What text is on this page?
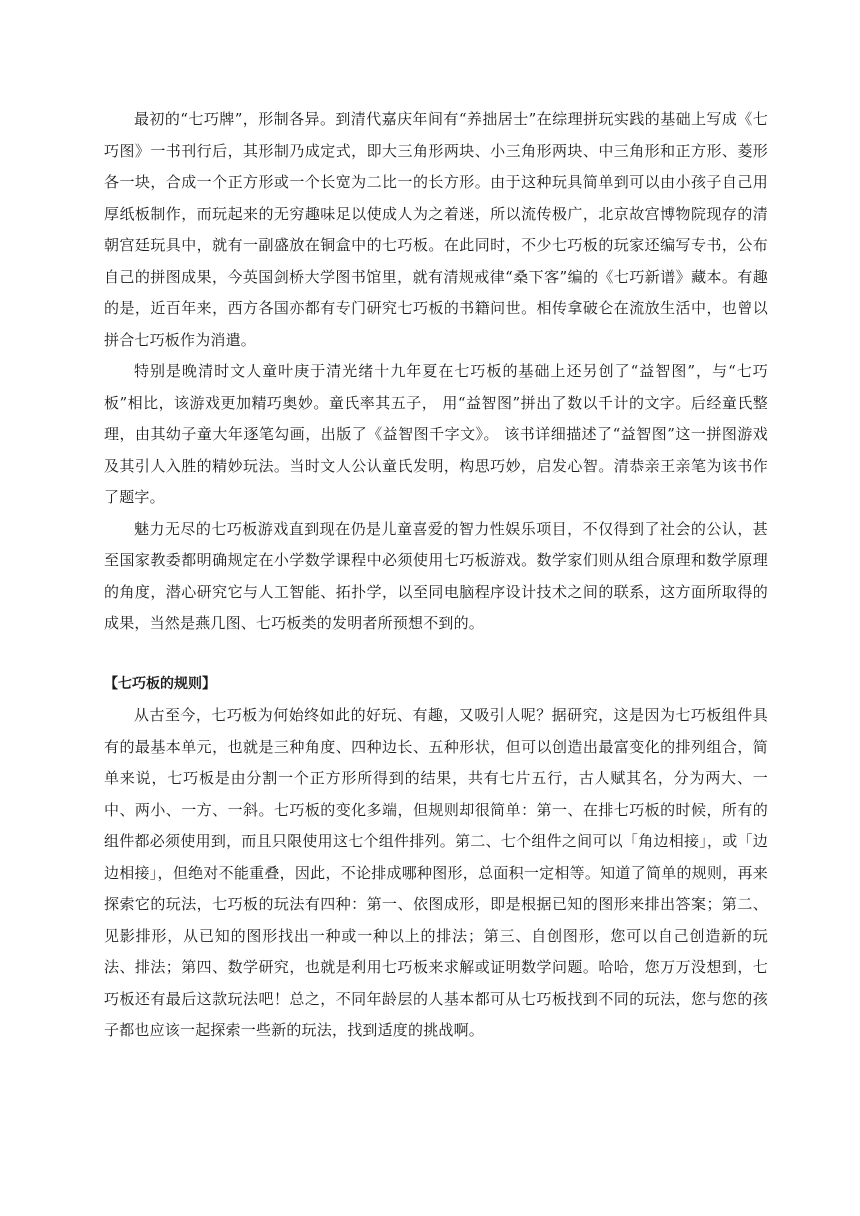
最初的“七巧牌”，形制各异。到清代嘉庆年间有“养拙居士”在综理拼玩实践的基础上写成《七巧图》一书刊行后，其形制乃成定式，即大三角形两块、小三角形两块、中三角形和正方形、菱形各一块，合成一个正方形或一个长宽为二比一的长方形。由于这种玩具简单到可以由小孩子自己用厚纸板制作，而玩起来的无穷趣味足以使成人为之着迷，所以流传极广，北京故宫博物院现存的清朝宫廷玩具中，就有一副盛放在铜盒中的七巧板。在此同时，不少七巧板的玩家还编写专书，公布自己的拼图成果，今英国剑桥大学图书馆里，就有清规戒律“桑下客”编的《七巧新谱》藏本。有趣的是，近百年来，西方各国亦都有专门研究七巧板的书籍问世。相传拿破仑在流放生活中，也曾以拼合七巧板作为消遣。

特别是晚清时文人童叶庚于清光绪十九年夏在七巧板的基础上还另创了“益智图”，与“七巧板”相比，该游戏更加精巧奥妙。童氏率其五子， 用“益智图”拼出了数以千计的文字。后经童氏整理，由其幼子童大年逐笔勾画，出版了《益智图千字文》。 该书详细描述了“益智图”这一拼图游戏及其引人入胜的精妙玩法。当时文人公认童氏发明，构思巧妙，启发心智。清恭亲王亲笔为该书作了题字。

魅力无尽的七巧板游戏直到现在仍是儿童喜爱的智力性娱乐项目，不仅得到了社会的公认，甚至国家教委都明确规定在小学数学课程中必须使用七巧板游戏。数学家们则从组合原理和数学原理的角度，潜心研究它与人工智能、拓扑学，以至同电脑程序设计技术之间的联系，这方面所取得的成果，当然是燕几图、七巧板类的发明者所预想不到的。

【七巧板的规则】

从古至今，七巧板为何始终如此的好玩、有趣，又吸引人呢？据研究，这是因为七巧板组件具有的最基本单元，也就是三种角度、四种边长、五种形状，但可以创造出最富变化的排列组合，简单来说，七巧板是由分割一个正方形所得到的结果，共有七片五行，古人赋其名，分为两大、一中、两小、一方、一斜。七巧板的变化多端，但规则却很简单：第一、在排七巧板的时候，所有的组件都必须使用到，而且只限使用这七个组件排列。第二、七个组件之间可以「角边相接」，或「边边相接」，但绝对不能重叠，因此，不论排成哪种图形，总面积一定相等。知道了简单的规则，再来探索它的玩法，七巧板的玩法有四种：第一、依图成形，即是根据已知的图形来排出答案；第二、见影排形，从已知的图形找出一种或一种以上的排法；第三、自创图形，您可以自己创造新的玩法、排法；第四、数学研究，也就是利用七巧板来求解或证明数学问题。哈哈，您万万没想到，七巧板还有最后这款玩法吧！总之，不同年龄层的人基本都可从七巧板找到不同的玩法，您与您的孩子都也应该一起探索一些新的玩法，找到适度的挑战啊。
